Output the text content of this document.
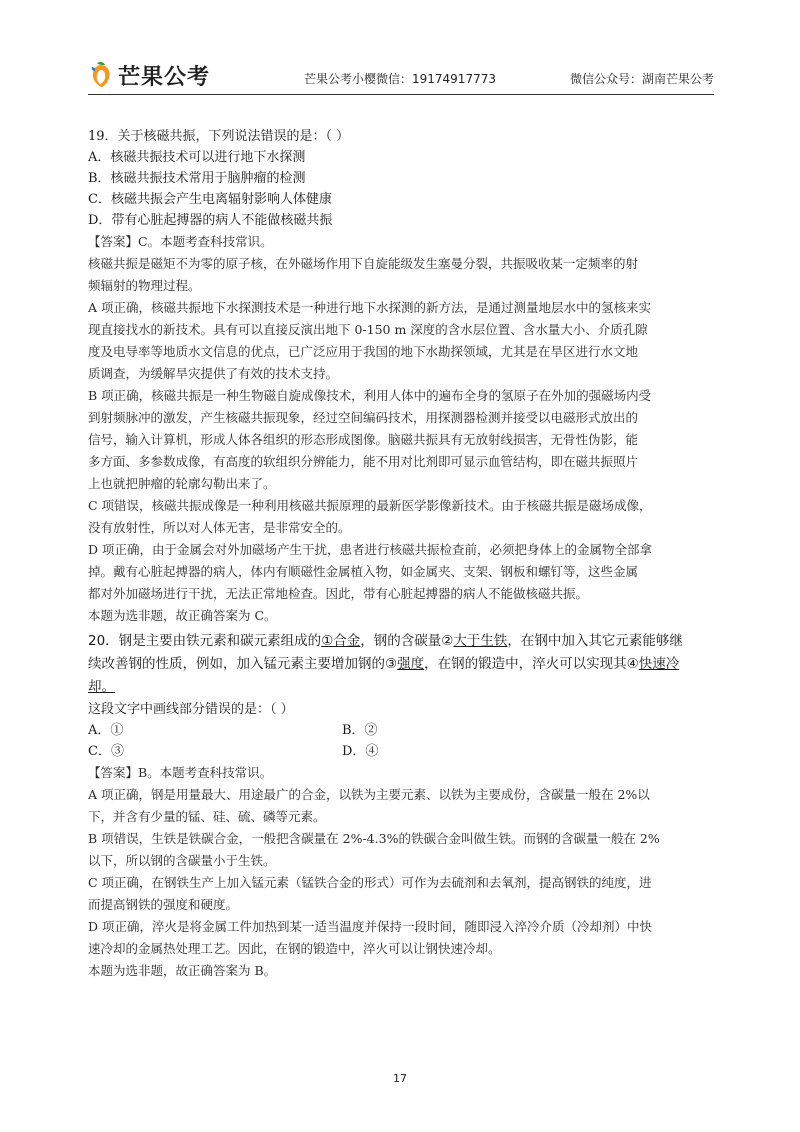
芒果公考	芒果公考小樱微信：19174917773	微信公众号：湖南芒果公考
19．关于核磁共振，下列说法错误的是：（ ）
A．核磁共振技术可以进行地下水探测
B．核磁共振技术常用于脑肿瘤的检测
C．核磁共振会产生电离辐射影响人体健康
D．带有心脏起搏器的病人不能做核磁共振
【答案】C。本题考查科技常识。
核磁共振是磁矩不为零的原子核，在外磁场作用下自旋能级发生塞曼分裂，共振吸收某一定频率的射
频辐射的物理过程。
A 项正确，核磁共振地下水探测技术是一种进行地下水探测的新方法，是通过测量地层水中的氢核来实
现直接找水的新技术。具有可以直接反演出地下 0-150 m 深度的含水层位置、含水量大小、介质孔隙
度及电导率等地质水文信息的优点，已广泛应用于我国的地下水勘探领域，尤其是在旱区进行水文地
质调查，为缓解旱灾提供了有效的技术支持。
B 项正确，核磁共振是一种生物磁自旋成像技术，利用人体中的遍布全身的氢原子在外加的强磁场内受
到射频脉冲的激发，产生核磁共振现象，经过空间编码技术，用探测器检测并接受以电磁形式放出的
信号，输入计算机，形成人体各组织的形态形成图像。脑磁共振具有无放射线损害，无骨性伪影，能
多方面、多参数成像，有高度的软组织分辨能力，能不用对比剂即可显示血管结构，即在磁共振照片
上也就把肿瘤的轮廓勾勒出来了。
C 项错误，核磁共振成像是一种利用核磁共振原理的最新医学影像新技术。由于核磁共振是磁场成像，
没有放射性，所以对人体无害，是非常安全的。
D 项正确，由于金属会对外加磁场产生干扰，患者进行核磁共振检查前，必须把身体上的金属物全部拿
掉。戴有心脏起搏器的病人，体内有顺磁性金属植入物，如金属夹、支架、钢板和螺钉等，这些金属
都对外加磁场进行干扰，无法正常地检查。因此，带有心脏起搏器的病人不能做核磁共振。
本题为选非题，故正确答案为 C。
20．钢是主要由铁元素和碳元素组成的①合金，钢的含碳量②大于生铁，在钢中加入其它元素能够继
续改善钢的性质，例如，加入锰元素主要增加钢的③强度，在钢的锻造中，淬火可以实现其④快速冷
却。
这段文字中画线部分错误的是：（ ）
A．①	B．②
C．③	D．④
【答案】B。本题考查科技常识。
A 项正确，钢是用量最大、用途最广的合金，以铁为主要元素、以铁为主要成份，含碳量一般在 2%以
下，并含有少量的锰、硅、硫、磷等元素。
B 项错误，生铁是铁碳合金，一般把含碳量在 2%-4.3%的铁碳合金叫做生铁。而钢的含碳量一般在 2%
以下，所以钢的含碳量小于生铁。
C 项正确，在钢铁生产上加入锰元素（锰铁合金的形式）可作为去硫剂和去氧剂，提高钢铁的纯度，进
而提高钢铁的强度和硬度。
D 项正确，淬火是将金属工件加热到某一适当温度并保持一段时间，随即浸入淬冷介质（冷却剂）中快
速冷却的金属热处理工艺。因此，在钢的锻造中，淬火可以让钢快速冷却。
本题为选非题，故正确答案为 B。
17
